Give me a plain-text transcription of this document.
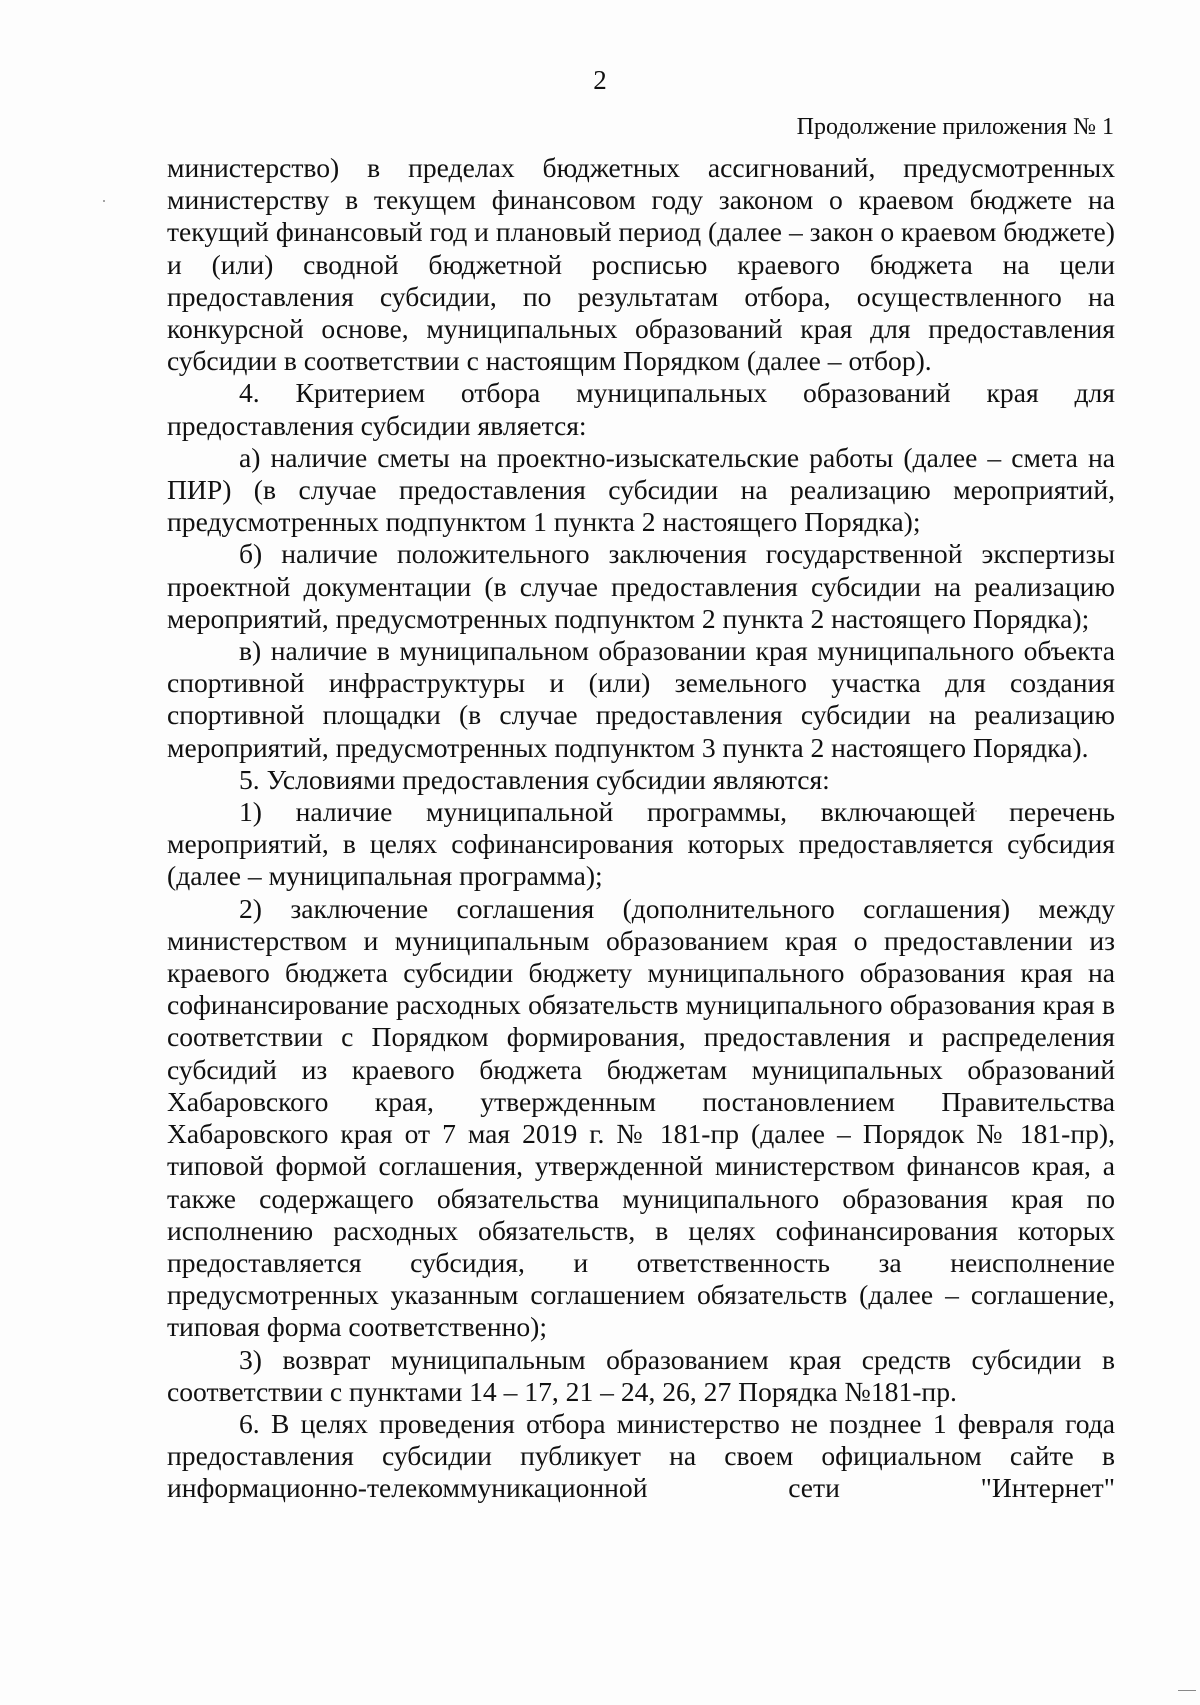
2
Продолжение приложения № 1

министерство) в пределах бюджетных ассигнований, предусмотренных министерству в текущем финансовом году законом о краевом бюджете на текущий финансовый год и плановый период (далее – закон о краевом бюджете) и (или) сводной бюджетной росписью краевого бюджета на цели предоставления субсидии, по результатам отбора, осуществленного на конкурсной основе, муниципальных образований края для предоставления субсидии в соответствии с настоящим Порядком (далее – отбор).

4. Критерием отбора муниципальных образований края для предоставления субсидии является:

а) наличие сметы на проектно-изыскательские работы (далее – смета на ПИР) (в случае предоставления субсидии на реализацию мероприятий, предусмотренных подпунктом 1 пункта 2 настоящего Порядка);

б) наличие положительного заключения государственной экспертизы проектной документации (в случае предоставления субсидии на реализацию мероприятий, предусмотренных подпунктом 2 пункта 2 настоящего Порядка);

в) наличие в муниципальном образовании края муниципального объекта спортивной инфраструктуры и (или) земельного участка для создания спортивной площадки (в случае предоставления субсидии на реализацию мероприятий, предусмотренных подпунктом 3 пункта 2 настоящего Порядка).

5. Условиями предоставления субсидии являются:

1) наличие муниципальной программы, включающей перечень мероприятий, в целях софинансирования которых предоставляется субсидия (далее – муниципальная программа);

2) заключение соглашения (дополнительного соглашения) между министерством и муниципальным образованием края о предоставлении из краевого бюджета субсидии бюджету муниципального образования края на софинансирование расходных обязательств муниципального образования края в соответствии с Порядком формирования, предоставления и распределения субсидий из краевого бюджета бюджетам муниципальных образований Хабаровского края, утвержденным постановлением Правительства Хабаровского края от 7 мая 2019 г. № 181-пр (далее – Порядок № 181-пр), типовой формой соглашения, утвержденной министерством финансов края, а также содержащего обязательства муниципального образования края по исполнению расходных обязательств, в целях софинансирования которых предоставляется субсидия, и ответственность за неисполнение предусмотренных указанным соглашением обязательств (далее – соглашение, типовая форма соответственно);

3) возврат муниципальным образованием края средств субсидии в соответствии с пунктами 14 – 17, 21 – 24, 26, 27 Порядка №181-пр.

6. В целях проведения отбора министерство не позднее 1 февраля года предоставления субсидии публикует на своем официальном сайте в информационно-телекоммуникационной сети "Интернет"
